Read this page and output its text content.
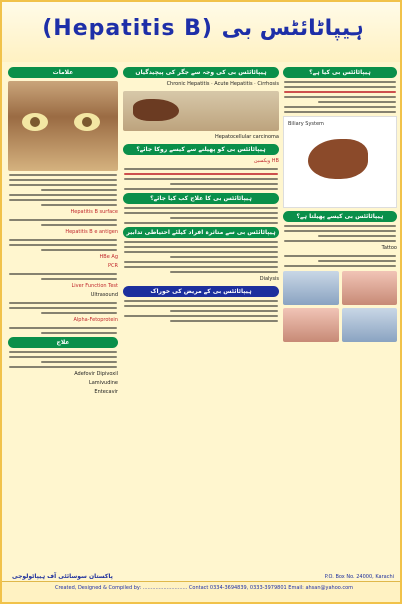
(Hepatitis B) ہیپاٹائٹس بی
علامات
Hepatitis B surface
Hepatitis B e antigen
HBe Ag
PCR
Liver Function Test
Ultrasound
Alpha-Fetoprotein
علاج
Adefovir Dipivoxil
Lamivudine
Entecavir
ہیپاٹائٹس بی کی وجہ سے جگر کی پیچیدگیاں
Chronic Hepatitis · Acute Hepatitis · Cirrhosis
Hepatocellular carcinoma
ہیپاٹائٹس بی کو پھیلنے سے کیسے روکا جائے؟
HB ویکسین
ہیپاٹائٹس بی کا علاج کب کیا جائے؟
ہیپاٹائٹس بی سے متاثرہ افراد کیلئے احتیاطی تدابیر
Dialysis
ہیپاٹائٹس بی کے مریض کی خوراک
ہیپاٹائٹس بی کیا ہے؟
Biliary System
ہیپاٹائٹس بی کیسے پھیلتا ہے؟
Tattoo
پاکستان سوسائٹی آف ہیپاٹولوجی	P.O. Box No. 24000, Karachi
Created, Designed & Compiled by: ............................ Contact 0334-3694839, 0333-3979801 Email: ahsan@yahoo.com
